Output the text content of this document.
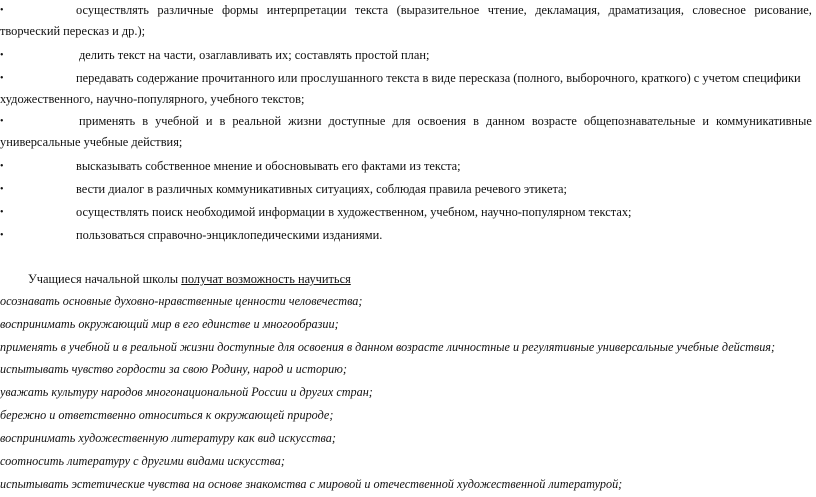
•	осуществлять различные формы интерпретации текста (выразительное чтение, декламация, драматизация, словесное рисование,
творческий пересказ и др.);
•	делить текст на части, озаглавливать их; составлять простой план;
•	передавать содержание прочитанного или прослушанного текста в виде пересказа (полного, выборочного, краткого) с учетом специфики
художественного, научно-популярного, учебного текстов;
•	применять в учебной и в реальной жизни доступные для освоения в данном возрасте общепознавательные и коммуникативные
универсальные учебные действия;
•	высказывать собственное мнение и обосновывать его фактами из текста;
•	вести диалог в различных коммуникативных ситуациях, соблюдая правила речевого этикета;
•	осуществлять поиск необходимой информации в художественном, учебном, научно-популярном текстах;
•	пользоваться справочно-энциклопедическими изданиями.
Учащиеся начальной школы получат возможность научиться
осознавать основные духовно-нравственные ценности человечества;
воспринимать окружающий мир в его единстве и многообразии;
применять в учебной и в реальной жизни доступные для освоения в данном возрасте личностные и регулятивные универсальные учебные действия;
испытывать чувство гордости за свою Родину, народ и историю;
уважать культуру народов многонациональной России и других стран;
бережно и ответственно относиться к окружающей природе;
воспринимать художественную литературу как вид искусства;
соотносить литературу с другими видами искусства;
испытывать эстетические чувства на основе знакомства с мировой и отечественной художественной литературой;
